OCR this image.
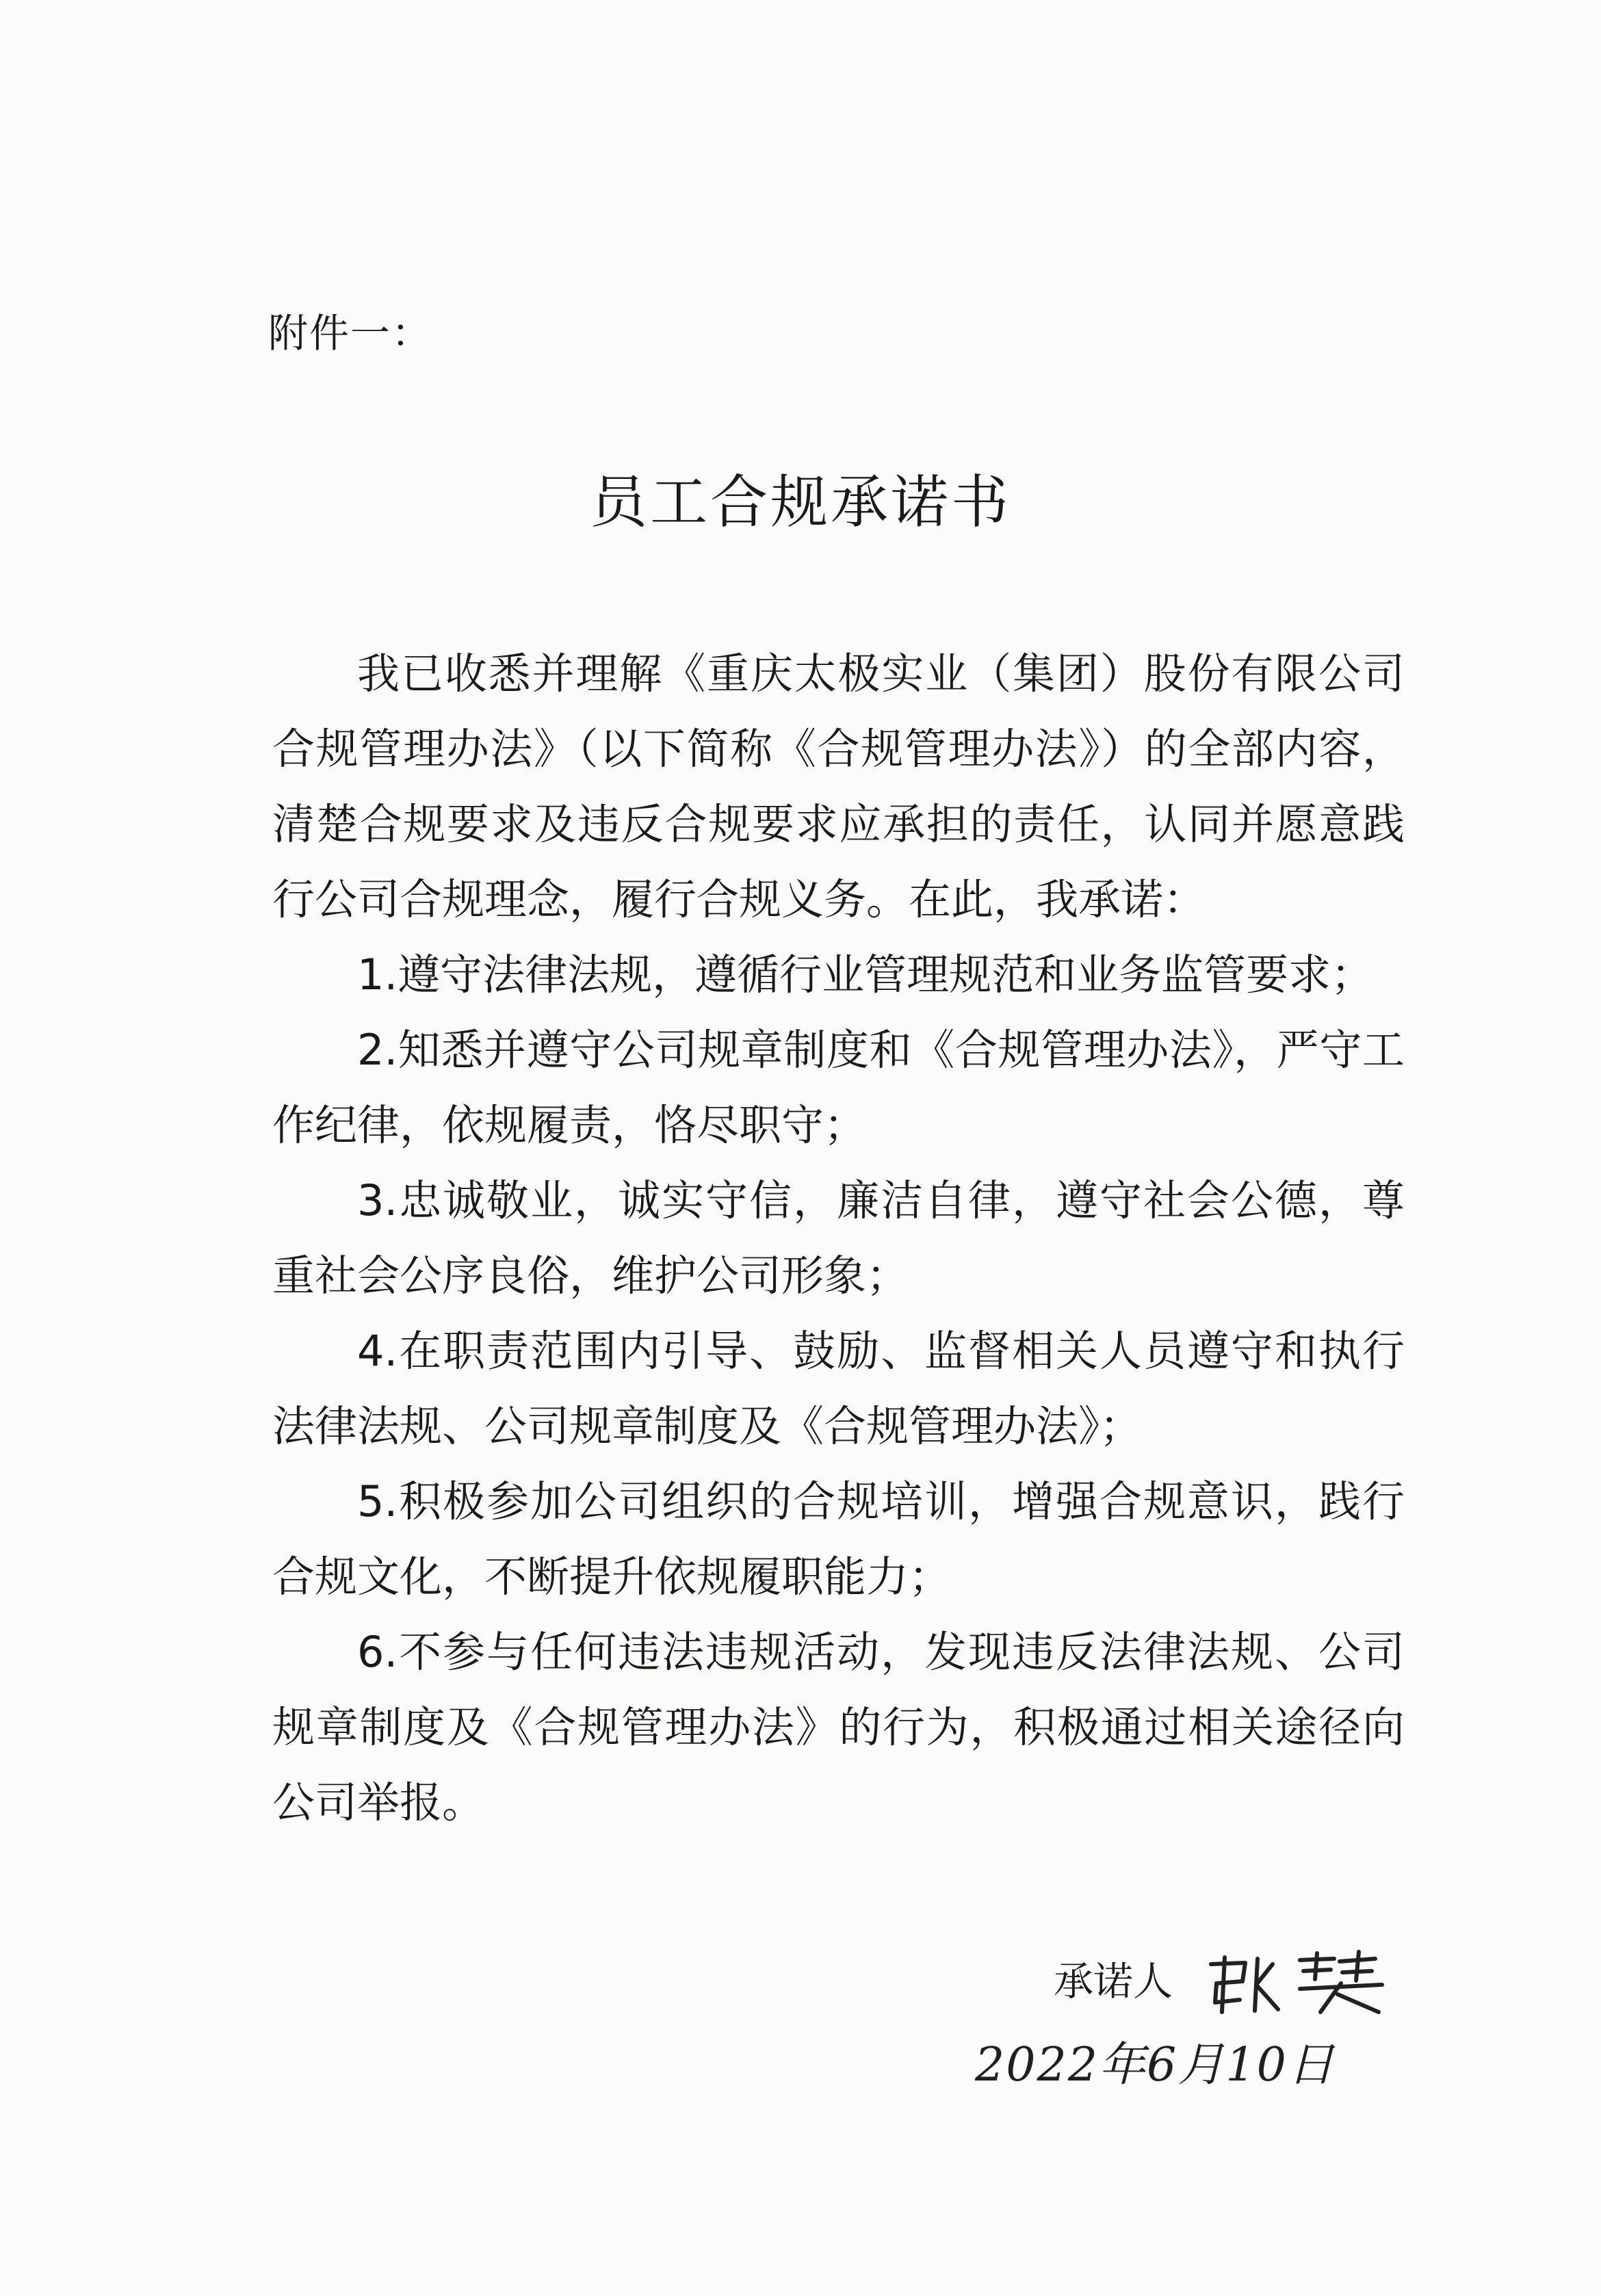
附件一：
员工合规承诺书

我已收悉并理解《重庆太极实业（集团）股份有限公司合规管理办法》（以下简称《合规管理办法》）的全部内容，清楚合规要求及违反合规要求应承担的责任，认同并愿意践行公司合规理念，履行合规义务。在此，我承诺：

1.遵守法律法规，遵循行业管理规范和业务监管要求；

2.知悉并遵守公司规章制度和《合规管理办法》，严守工作纪律，依规履责，恪尽职守；

3.忠诚敬业，诚实守信，廉洁自律，遵守社会公德，尊重社会公序良俗，维护公司形象；

4.在职责范围内引导、鼓励、监督相关人员遵守和执行法律法规、公司规章制度及《合规管理办法》；

5.积极参加公司组织的合规培训，增强合规意识，践行合规文化，不断提升依规履职能力；

6.不参与任何违法违规活动，发现违反法律法规、公司规章制度及《合规管理办法》的行为，积极通过相关途径向公司举报。

承诺人
2022年6月10日
